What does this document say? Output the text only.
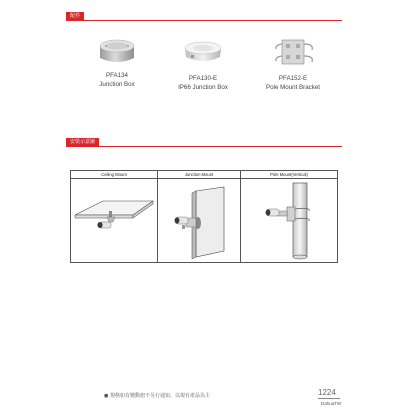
配件
PFA134
Junction Box
PFA130-E
IP66 Junction Box
PFA152-E
Pole Mount Bracket
安裝示意圖
Ceiling Mount	Junction Mount	Pole Mount(Vertical)
● 規格如有變動恕不另行通知，以現有產品為主	1224
DahuaTW
